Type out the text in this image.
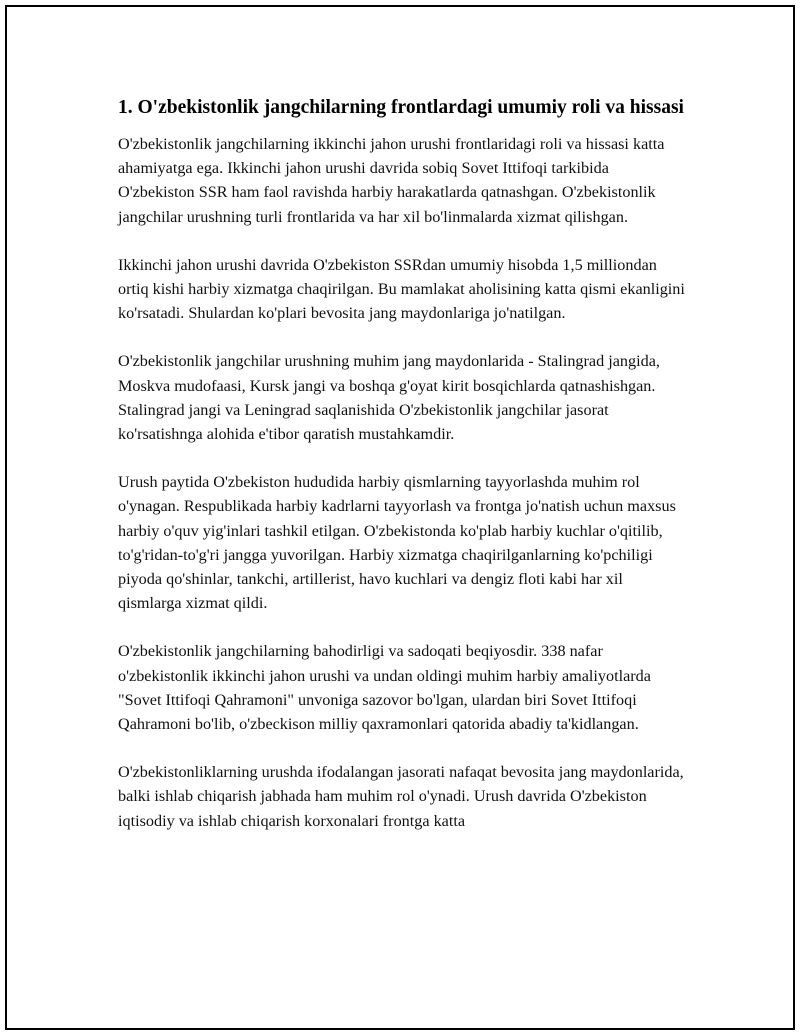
1. O'zbekistonlik jangchilarning frontlardagi umumiy roli va hissasi

O'zbekistonlik jangchilarning ikkinchi jahon urushi frontlaridagi roli va hissasi katta ahamiyatga ega. Ikkinchi jahon urushi davrida sobiq Sovet Ittifoqi tarkibida O'zbekiston SSR ham faol ravishda harbiy harakatlarda qatnashgan. O'zbekistonlik jangchilar urushning turli frontlarida va har xil bo'linmalarda xizmat qilishgan.

Ikkinchi jahon urushi davrida O'zbekiston SSRdan umumiy hisobda 1,5 milliondan ortiq kishi harbiy xizmatga chaqirilgan. Bu mamlakat aholisining katta qismi ekanligini ko'rsatadi. Shulardan ko'plari bevosita jang maydonlariga jo'natilgan.

O'zbekistonlik jangchilar urushning muhim jang maydonlarida - Stalingrad jangida, Moskva mudofaasi, Kursk jangi va boshqa g'oyat kirit bosqichlarda qatnashishgan. Stalingrad jangi va Leningrad saqlanishida O'zbekistonlik jangchilar jasorat ko'rsatishnga alohida e'tibor qaratish mustahkamdir.

Urush paytida O'zbekiston hududida harbiy qismlarning tayyorlashda muhim rol o'ynagan. Respublikada harbiy kadrlarni tayyorlash va frontga jo'natish uchun maxsus harbiy o'quv yig'inlari tashkil etilgan. O'zbekistonda ko'plab harbiy kuchlar o'qitilib, to'g'ridan-to'g'ri jangga yuvorilgan. Harbiy xizmatga chaqirilganlarning ko'pchiligi piyoda qo'shinlar, tankchi, artillerist, havo kuchlari va dengiz floti kabi har xil qismlarga xizmat qildi.

O'zbekistonlik jangchilarning bahodirligi va sadoqati beqiyosdir. 338 nafar o'zbekistonlik ikkinchi jahon urushi va undan oldingi muhim harbiy amaliyotlarda "Sovet Ittifoqi Qahramoni" unvoniga sazovor bo'lgan, ulardan biri Sovet Ittifoqi Qahramoni bo'lib, o'zbeckison milliy qaxramonlari qatorida abadiy ta'kidlangan.

O'zbekistonliklarning urushda ifodalangan jasorati nafaqat bevosita jang maydonlarida, balki ishlab chiqarish jabhada ham muhim rol o'ynadi. Urush davrida O'zbekiston iqtisodiy va ishlab chiqarish korxonalari frontga katta
